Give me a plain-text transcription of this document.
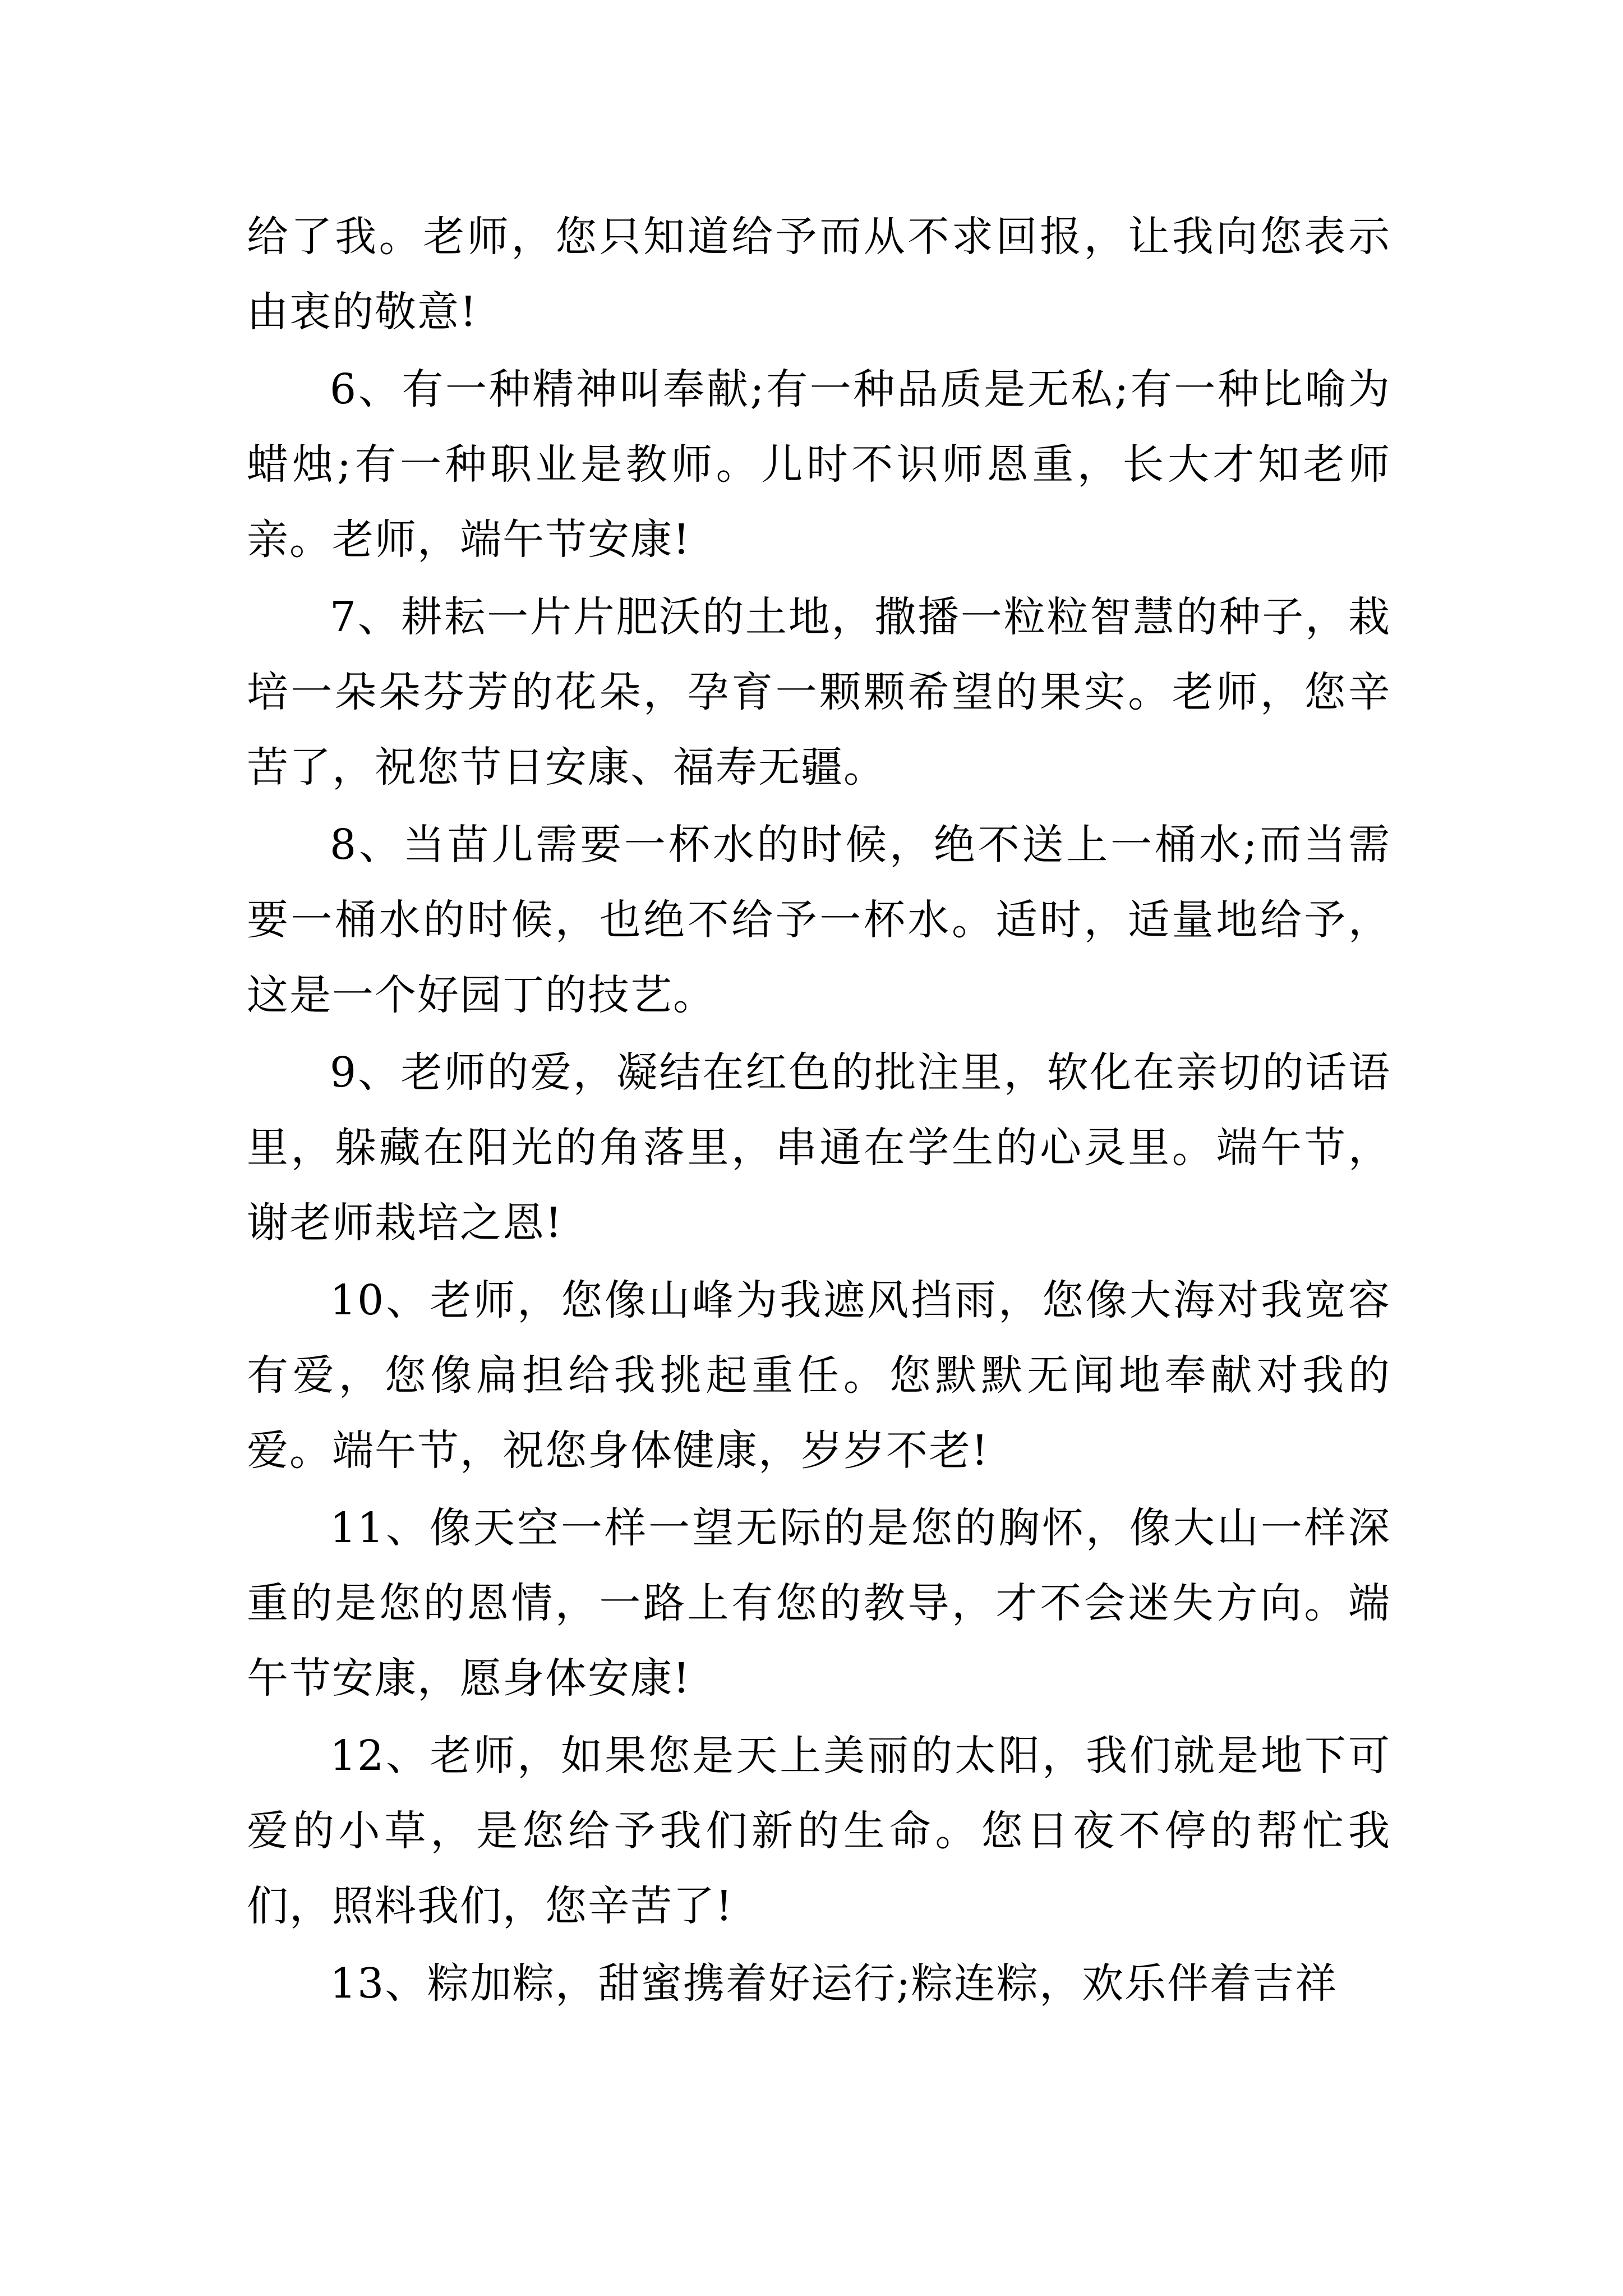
给了我。老师，您只知道给予而从不求回报，让我向您表示由衷的敬意!

6、有一种精神叫奉献;有一种品质是无私;有一种比喻为蜡烛;有一种职业是教师。儿时不识师恩重，长大才知老师亲。老师，端午节安康!

7、耕耘一片片肥沃的土地，撒播一粒粒智慧的种子，栽培一朵朵芬芳的花朵，孕育一颗颗希望的果实。老师，您辛苦了，祝您节日安康、福寿无疆。

8、当苗儿需要一杯水的时候，绝不送上一桶水;而当需要一桶水的时候，也绝不给予一杯水。适时，适量地给予，这是一个好园丁的技艺。

9、老师的爱，凝结在红色的批注里，软化在亲切的话语里，躲藏在阳光的角落里，串通在学生的心灵里。端午节，谢老师栽培之恩!

10、老师，您像山峰为我遮风挡雨，您像大海对我宽容有爱，您像扁担给我挑起重任。您默默无闻地奉献对我的爱。端午节，祝您身体健康，岁岁不老!

11、像天空一样一望无际的是您的胸怀，像大山一样深重的是您的恩情，一路上有您的教导，才不会迷失方向。端午节安康，愿身体安康!

12、老师，如果您是天上美丽的太阳，我们就是地下可爱的小草，是您给予我们新的生命。您日夜不停的帮忙我们，照料我们，您辛苦了!

13、粽加粽，甜蜜携着好运行;粽连粽，欢乐伴着吉祥
